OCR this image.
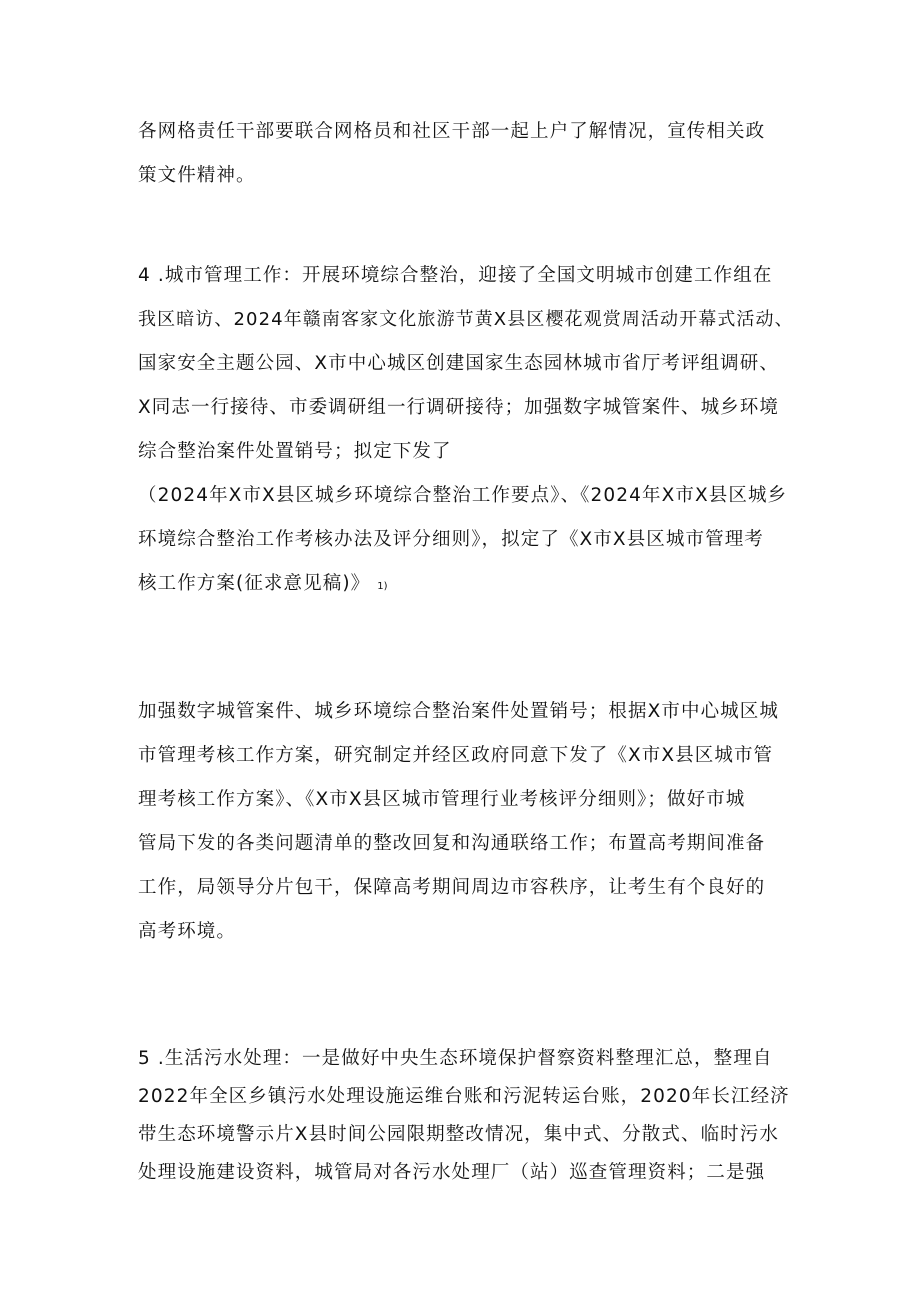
各网格责任干部要联合网格员和社区干部一起上户了解情况，宣传相关政
策文件精神。
4 .城市管理工作：开展环境综合整治，迎接了全国文明城市创建工作组在
我区暗访、2024年赣南客家文化旅游节黄X县区樱花观赏周活动开幕式活动、
国家安全主题公园、X市中心城区创建国家生态园林城市省厅考评组调研、
X同志一行接待、市委调研组一行调研接待；加强数字城管案件、城乡环境
综合整治案件处置销号；拟定下发了
（2024年X市X县区城乡环境综合整治工作要点》、《2024年X市X县区城乡
环境综合整治工作考核办法及评分细则》，拟定了《X市X县区城市管理考
核工作方案(征求意见稿)》 1)
加强数字城管案件、城乡环境综合整治案件处置销号；根据X市中心城区城
市管理考核工作方案，研究制定并经区政府同意下发了《X市X县区城市管
理考核工作方案》、《X市X县区城市管理行业考核评分细则》；做好市城
管局下发的各类问题清单的整改回复和沟通联络工作；布置高考期间准备
工作，局领导分片包干，保障高考期间周边市容秩序，让考生有个良好的
高考环境。
5 .生活污水处理：一是做好中央生态环境保护督察资料整理汇总，整理自
2022年全区乡镇污水处理设施运维台账和污泥转运台账，2020年长江经济
带生态环境警示片X县时间公园限期整改情况，集中式、分散式、临时污水
处理设施建设资料，城管局对各污水处理厂（站）巡查管理资料；二是强
